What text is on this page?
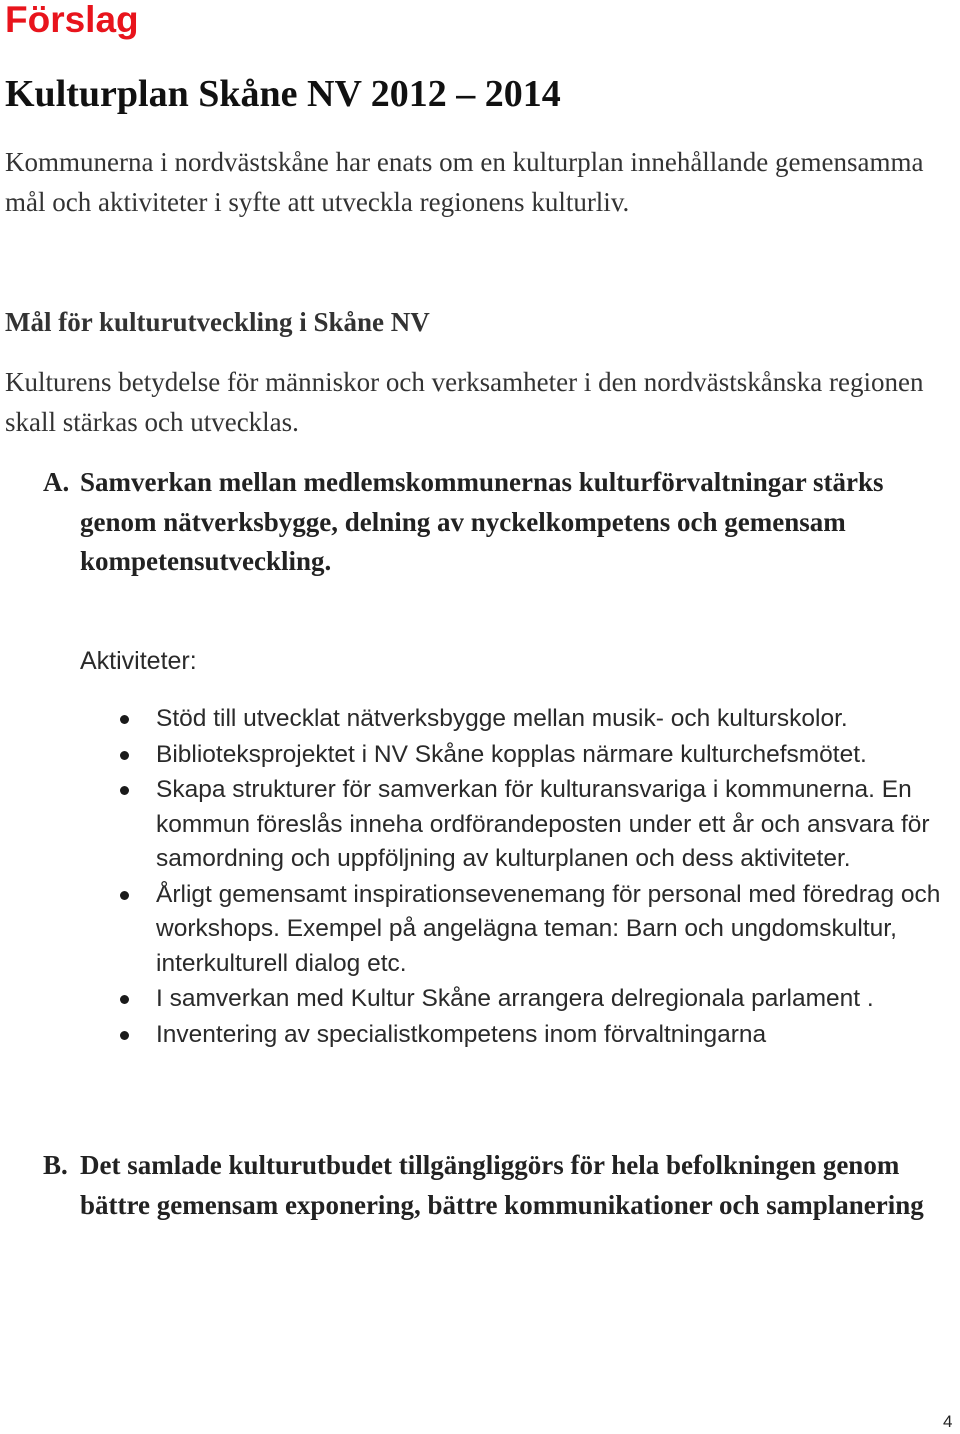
Förslag
Kulturplan Skåne NV 2012 – 2014

Kommunerna i nordvästskåne har enats om en kulturplan innehållande gemensamma mål och aktiviteter i syfte att utveckla regionens kulturliv.

Mål för kulturutveckling i Skåne NV

Kulturens betydelse för människor och verksamheter i den nordvästskånska regionen skall stärkas och utvecklas.

A. Samverkan mellan medlemskommunernas kulturförvaltningar stärks genom nätverksbygge, delning av nyckelkompetens och gemensam kompetensutveckling.
Aktiviteter:
Stöd till utvecklat nätverksbygge mellan musik- och kulturskolor.
Biblioteksprojektet i NV Skåne kopplas närmare kulturchefsmötet.
Skapa strukturer för samverkan för kulturansvariga i kommunerna. En kommun föreslås inneha ordförandeposten under ett år och ansvara för samordning och uppföljning av kulturplanen och dess aktiviteter.
Årligt gemensamt inspirationsevenemang för personal med föredrag och workshops. Exempel på angelägna teman: Barn och ungdomskultur, interkulturell dialog etc.
I samverkan med Kultur Skåne arrangera delregionala parlament .
Inventering av specialistkompetens inom förvaltningarna
B. Det samlade kulturutbudet tillgängliggörs för hela befolkningen genom bättre gemensam exponering, bättre kommunikationer och samplanering
4
